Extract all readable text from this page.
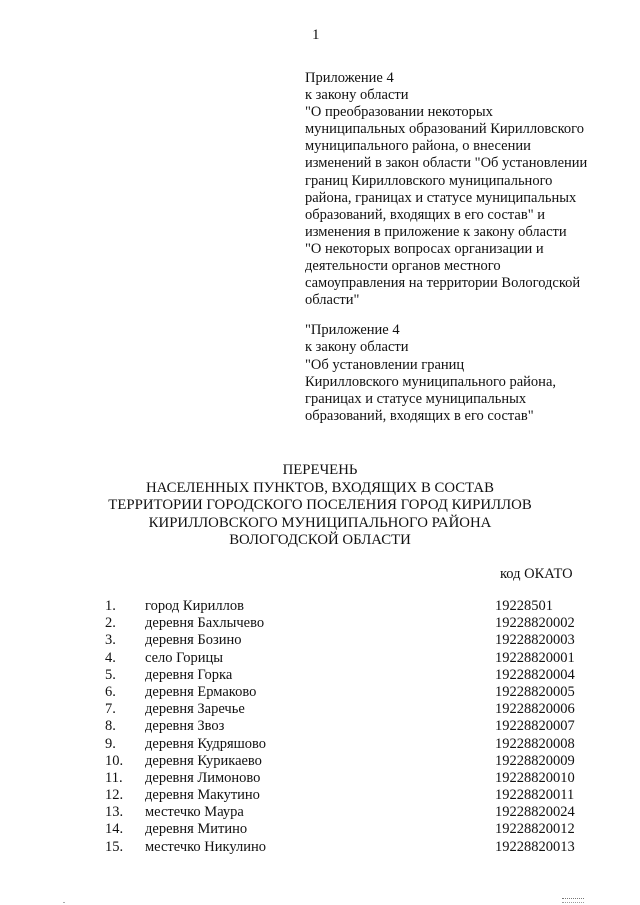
1
Приложение 4
к закону области
"О преобразовании некоторых
муниципальных образований Кирилловского
муниципального района, о внесении
изменений в закон области "Об установлении
границ Кирилловского муниципального
района, границах и статусе муниципальных
образований, входящих в его состав" и
изменения в приложение к закону области
"О некоторых вопросах организации и
деятельности органов местного
самоуправления на территории Вологодской
области"
"Приложение 4
к закону области
"Об установлении границ
Кирилловского муниципального района,
границах и статусе муниципальных
образований, входящих в его состав"
ПЕРЕЧЕНЬ
НАСЕЛЕННЫХ ПУНКТОВ, ВХОДЯЩИХ В СОСТАВ
ТЕРРИТОРИИ ГОРОДСКОГО ПОСЕЛЕНИЯ ГОРОД КИРИЛЛОВ
КИРИЛЛОВСКОГО МУНИЦИПАЛЬНОГО РАЙОНА
ВОЛОГОДСКОЙ ОБЛАСТИ
код ОКАТО
1. город Кириллов	19228501
2. деревня Бахлычево	19228820002
3. деревня Бозино	19228820003
4. село Горицы	19228820001
5. деревня Горка	19228820004
6. деревня Ермаково	19228820005
7. деревня Заречье	19228820006
8. деревня Звоз	19228820007
9. деревня Кудряшово	19228820008
10. деревня Курикаево	19228820009
11. деревня Лимоново	19228820010
12. деревня Макутино	19228820011
13. местечко Маура	19228820024
14. деревня Митино	19228820012
15. местечко Никулино	19228820013
